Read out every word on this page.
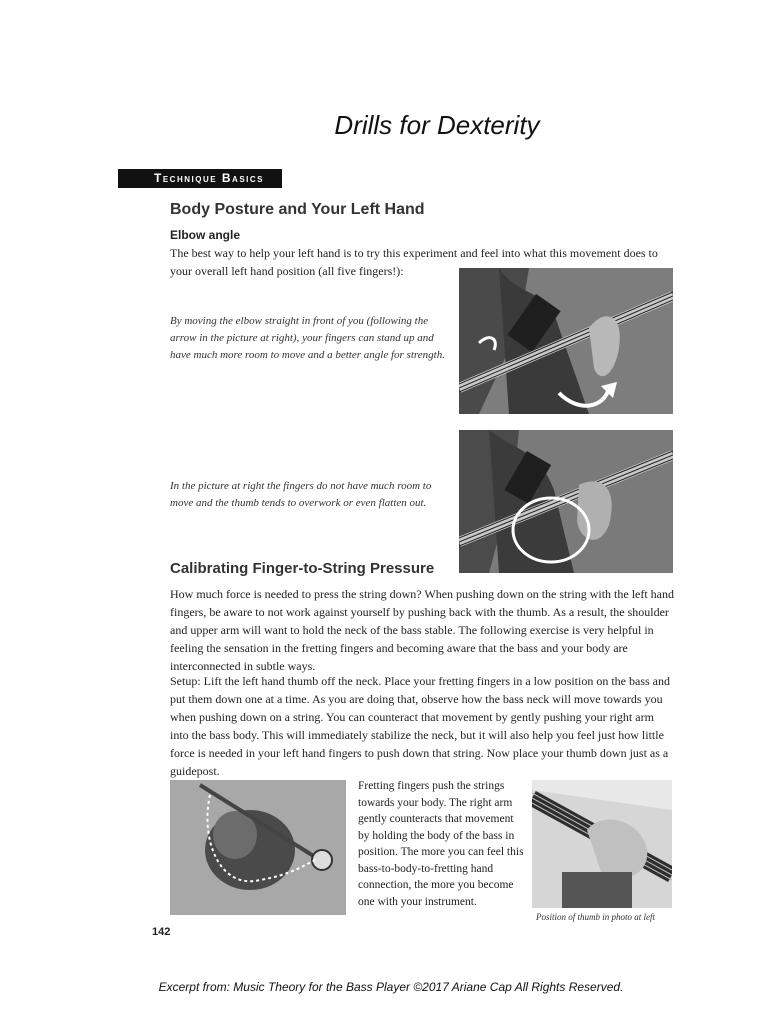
Drills for Dexterity
Technique Basics
Body Posture and Your Left Hand
Elbow angle
The best way to help your left hand is to try this experiment and feel into what this movement does to your overall left hand position (all five fingers!):
By moving the elbow straight in front of you (following the arrow in the picture at right), your fingers can stand up and have much more room to move and a better angle for strength.
In the picture at right the fingers do not have much room to move and the thumb tends to overwork or even flatten out.
Calibrating Finger-to-String Pressure
How much force is needed to press the string down? When pushing down on the string with the left hand fingers, be aware to not work against yourself by pushing back with the thumb. As a result, the shoulder and upper arm will want to hold the neck of the bass stable. The following exercise is very helpful in feeling the sensation in the fretting fingers and becoming aware that the bass and your body are interconnected in subtle ways.
Setup: Lift the left hand thumb off the neck. Place your fretting fingers in a low position on the bass and put them down one at a time. As you are doing that, observe how the bass neck will move towards you when pushing down on a string. You can counteract that movement by gently pushing your right arm into the bass body. This will immediately stabilize the neck, but it will also help you feel just how little force is needed in your left hand fingers to push down that string. Now place your thumb down just as a guidepost.
Fretting fingers push the strings towards your body. The right arm gently counteracts that movement by holding the body of the bass in position. The more you can feel this bass-to-body-to-fretting hand connection, the more you become one with your instrument.
Position of thumb in photo at left
142
Excerpt from: Music Theory for the Bass Player ©2017 Ariane Cap All Rights Reserved.
